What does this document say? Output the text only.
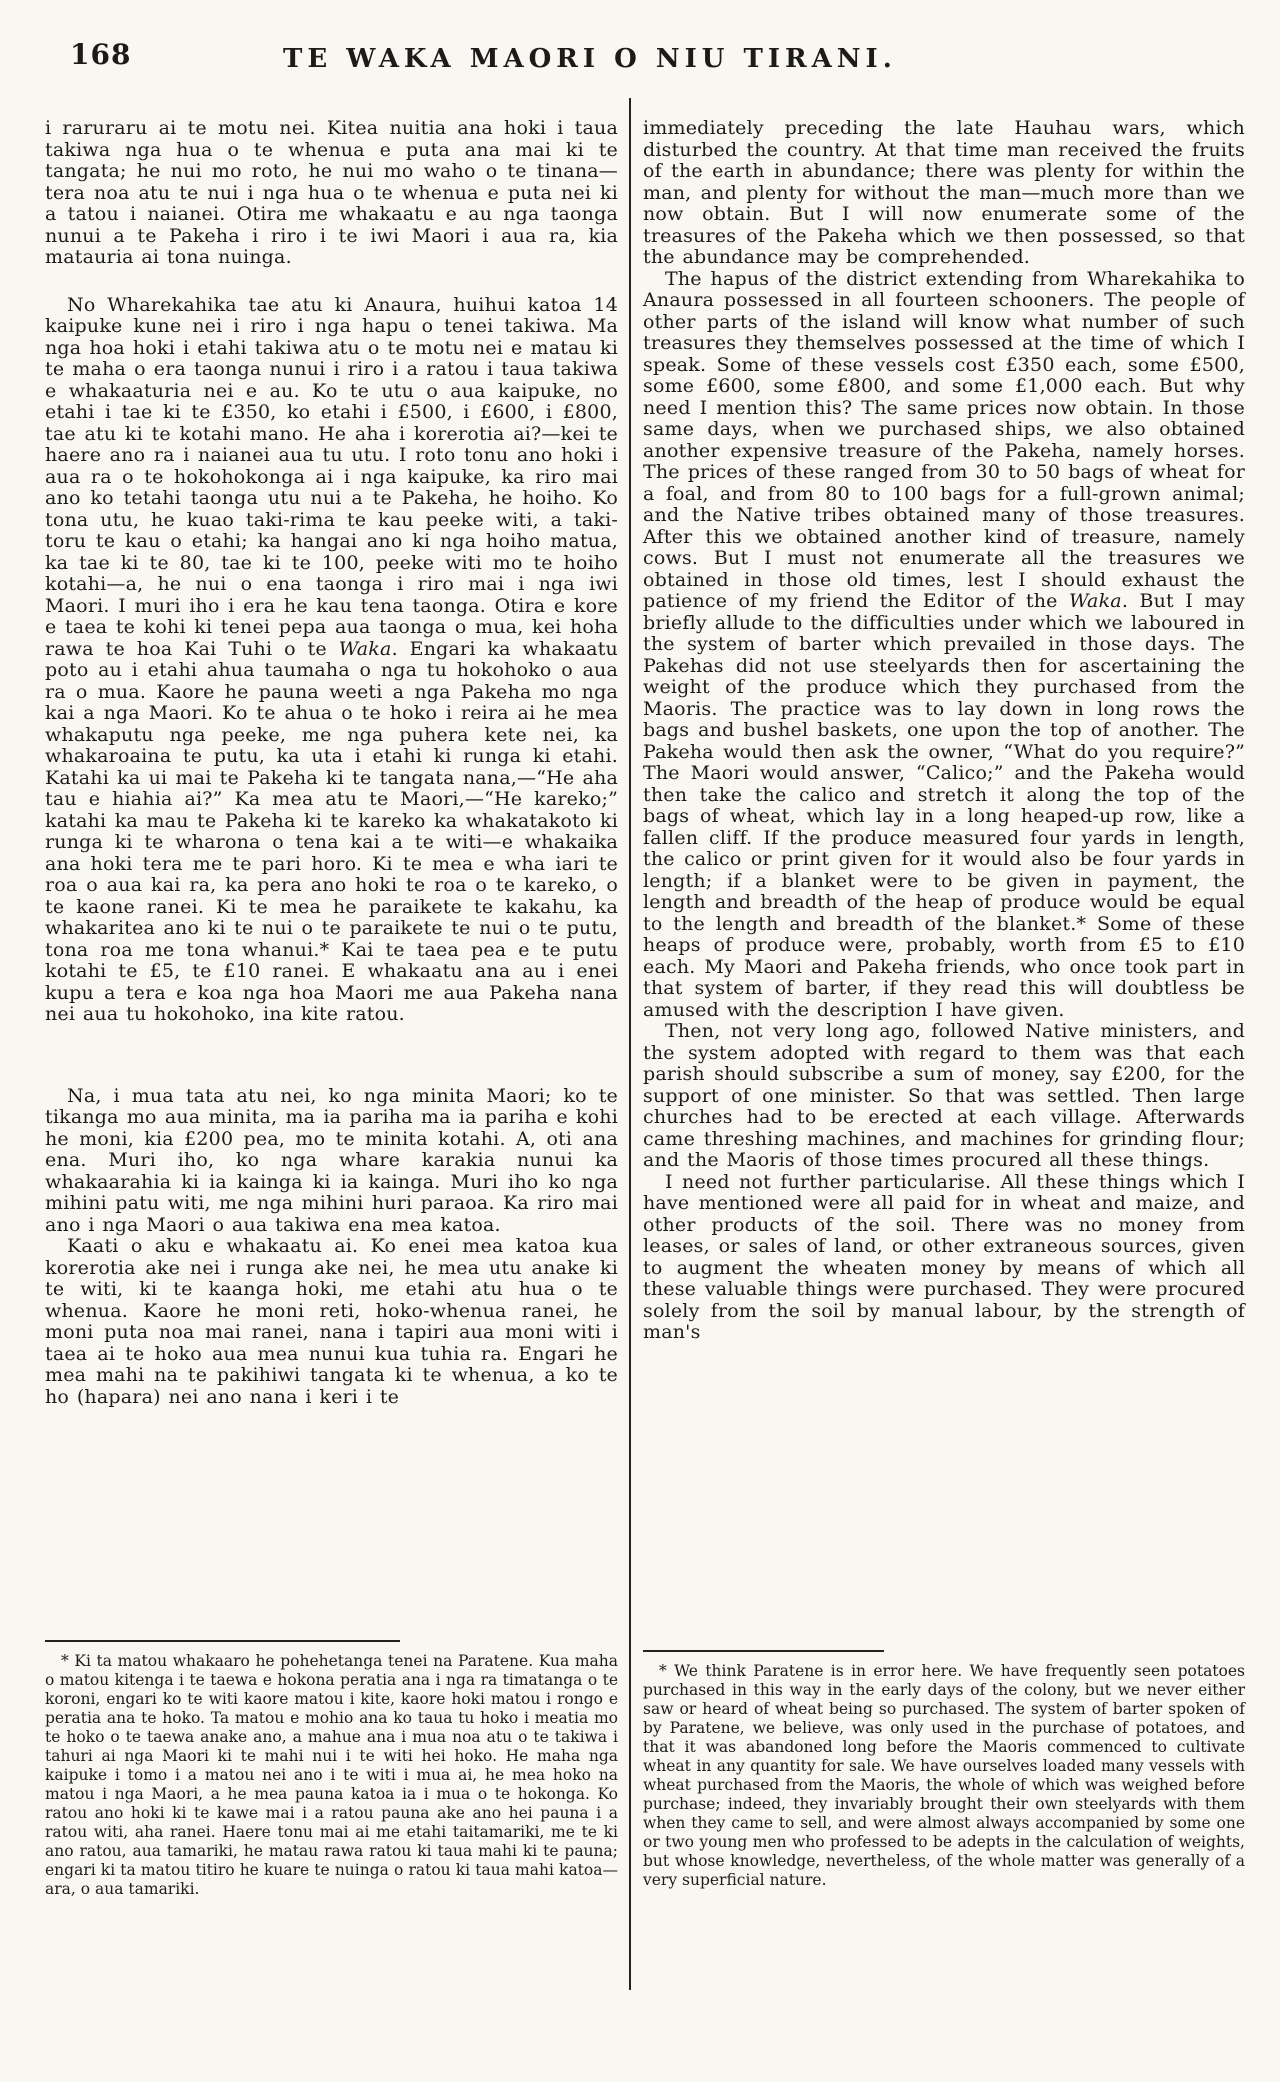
168	TE WAKA MAORI O NIU TIRANI.

i raruraru ai te motu nei. Kitea nuitia ana hoki i taua takiwa nga hua o te whenua e puta ana mai ki te tangata; he nui mo roto, he nui mo waho o te tinana—tera noa atu te nui i nga hua o te whenua e puta nei ki a tatou i naianei. Otira me whakaatu e au nga taonga nunui a te Pakeha i riro i te iwi Maori i aua ra, kia matauria ai tona nuinga.

No Wharekahika tae atu ki Anaura, huihui katoa 14 kaipuke kune nei i riro i nga hapu o tenei takiwa. Ma nga hoa hoki i etahi takiwa atu o te motu nei e matau ki te maha o era taonga nunui i riro i a ratou i taua takiwa e whakaaturia nei e au. Ko te utu o aua kaipuke, no etahi i tae ki te £350, ko etahi i £500, i £600, i £800, tae atu ki te kotahi mano. He aha i korerotia ai?—kei te haere ano ra i naianei aua tu utu. I roto tonu ano hoki i aua ra o te hokohokonga ai i nga kaipuke, ka riro mai ano ko tetahi taonga utu nui a te Pakeha, he hoiho. Ko tona utu, he kuao taki-rima te kau peeke witi, a taki-toru te kau o etahi; ka hangai ano ki nga hoiho matua, ka tae ki te 80, tae ki te 100, peeke witi mo te hoiho kotahi—a, he nui o ena taonga i riro mai i nga iwi Maori. I muri iho i era he kau tena taonga. Otira e kore e taea te kohi ki tenei pepa aua taonga o mua, kei hoha rawa te hoa Kai Tuhi o te Waka. Engari ka whakaatu poto au i etahi ahua taumaha o nga tu hokohoko o aua ra o mua. Kaore he pauna weeti a nga Pakeha mo nga kai a nga Maori. Ko te ahua o te hoko i reira ai he mea whakaputu nga peeke, me nga puhera kete nei, ka whakaroaina te putu, ka uta i etahi ki runga ki etahi. Katahi ka ui mai te Pakeha ki te tangata nana,—“He aha tau e hiahia ai?” Ka mea atu te Maori,—“He kareko;” katahi ka mau te Pakeha ki te kareko ka whakatakoto ki runga ki te wharona o tena kai a te witi—e whakaika ana hoki tera me te pari horo. Ki te mea e wha iari te roa o aua kai ra, ka pera ano hoki te roa o te kareko, o te kaone ranei. Ki te mea he paraikete te kakahu, ka whakaritea ano ki te nui o te paraikete te nui o te putu, tona roa me tona whanui.* Kai te taea pea e te putu kotahi te £5, te £10 ranei. E whakaatu ana au i enei kupu a tera e koa nga hoa Maori me aua Pakeha nana nei aua tu hokohoko, ina kite ratou.

Na, i mua tata atu nei, ko nga minita Maori; ko te tikanga mo aua minita, ma ia pariha ma ia pariha e kohi he moni, kia £200 pea, mo te minita kotahi. A, oti ana ena. Muri iho, ko nga whare karakia nunui ka whakaarahia ki ia kainga ki ia kainga. Muri iho ko nga mihini patu witi, me nga mihini huri paraoa. Ka riro mai ano i nga Maori o aua takiwa ena mea katoa.

Kaati o aku e whakaatu ai. Ko enei mea katoa kua korerotia ake nei i runga ake nei, he mea utu anake ki te witi, ki te kaanga hoki, me etahi atu hua o te whenua. Kaore he moni reti, hoko-whenua ranei, he moni puta noa mai ranei, nana i tapiri aua moni witi i taea ai te hoko aua mea nunui kua tuhia ra. Engari he mea mahi na te pakihiwi tangata ki te whenua, a ko te ho (hapara) nei ano nana i keri i te

immediately preceding the late Hauhau wars, which disturbed the country. At that time man received the fruits of the earth in abundance; there was plenty for within the man, and plenty for without the man—much more than we now obtain. But I will now enumerate some of the treasures of the Pakeha which we then possessed, so that the abundance may be comprehended.

The hapus of the district extending from Wharekahika to Anaura possessed in all fourteen schooners. The people of other parts of the island will know what number of such treasures they themselves possessed at the time of which I speak. Some of these vessels cost £350 each, some £500, some £600, some £800, and some £1,000 each. But why need I mention this? The same prices now obtain. In those same days, when we purchased ships, we also obtained another expensive treasure of the Pakeha, namely horses. The prices of these ranged from 30 to 50 bags of wheat for a foal, and from 80 to 100 bags for a full-grown animal; and the Native tribes obtained many of those treasures. After this we obtained another kind of treasure, namely cows. But I must not enumerate all the treasures we obtained in those old times, lest I should exhaust the patience of my friend the Editor of the Waka. But I may briefly allude to the difficulties under which we laboured in the system of barter which prevailed in those days. The Pakehas did not use steelyards then for ascertaining the weight of the produce which they purchased from the Maoris. The practice was to lay down in long rows the bags and bushel baskets, one upon the top of another. The Pakeha would then ask the owner, “What do you require?” The Maori would answer, “Calico;” and the Pakeha would then take the calico and stretch it along the top of the bags of wheat, which lay in a long heaped-up row, like a fallen cliff. If the produce measured four yards in length, the calico or print given for it would also be four yards in length; if a blanket were to be given in payment, the length and breadth of the heap of produce would be equal to the length and breadth of the blanket.* Some of these heaps of produce were, probably, worth from £5 to £10 each. My Maori and Pakeha friends, who once took part in that system of barter, if they read this will doubtless be amused with the description I have given.

Then, not very long ago, followed Native ministers, and the system adopted with regard to them was that each parish should subscribe a sum of money, say £200, for the support of one minister. So that was settled. Then large churches had to be erected at each village. Afterwards came threshing machines, and machines for grinding flour; and the Maoris of those times procured all these things.

I need not further particularise. All these things which I have mentioned were all paid for in wheat and maize, and other products of the soil. There was no money from leases, or sales of land, or other extraneous sources, given to augment the wheaten money by means of which all these valuable things were purchased. They were procured solely from the soil by manual labour, by the strength of man's

* Ki ta matou whakaaro he pohehetanga tenei na Paratene. Kua maha o matou kitenga i te taewa e hokona peratia ana i nga ra timatanga o te koroni, engari ko te witi kaore matou i kite, kaore hoki matou i rongo e peratia ana te hoko. Ta matou e mohio ana ko taua tu hoko i meatia mo te hoko o te taewa anake ano, a mahue ana i mua noa atu o te takiwa i tahuri ai nga Maori ki te mahi nui i te witi hei hoko. He maha nga kaipuke i tomo i a matou nei ano i te witi i mua ai, he mea hoko na matou i nga Maori, a he mea pauna katoa ia i mua o te hokonga. Ko ratou ano hoki ki te kawe mai i a ratou pauna ake ano hei pauna i a ratou witi, aha ranei. Haere tonu mai ai me etahi taitamariki, me te ki ano ratou, aua tamariki, he matau rawa ratou ki taua mahi ki te pauna; engari ki ta matou titiro he kuare te nuinga o ratou ki taua mahi katoa—ara, o aua tamariki.

* We think Paratene is in error here. We have frequently seen potatoes purchased in this way in the early days of the colony, but we never either saw or heard of wheat being so purchased. The system of barter spoken of by Paratene, we believe, was only used in the purchase of potatoes, and that it was abandoned long before the Maoris commenced to cultivate wheat in any quantity for sale. We have ourselves loaded many vessels with wheat purchased from the Maoris, the whole of which was weighed before purchase; indeed, they invariably brought their own steelyards with them when they came to sell, and were almost always accompanied by some one or two young men who professed to be adepts in the calculation of weights, but whose knowledge, nevertheless, of the whole matter was generally of a very superficial nature.
